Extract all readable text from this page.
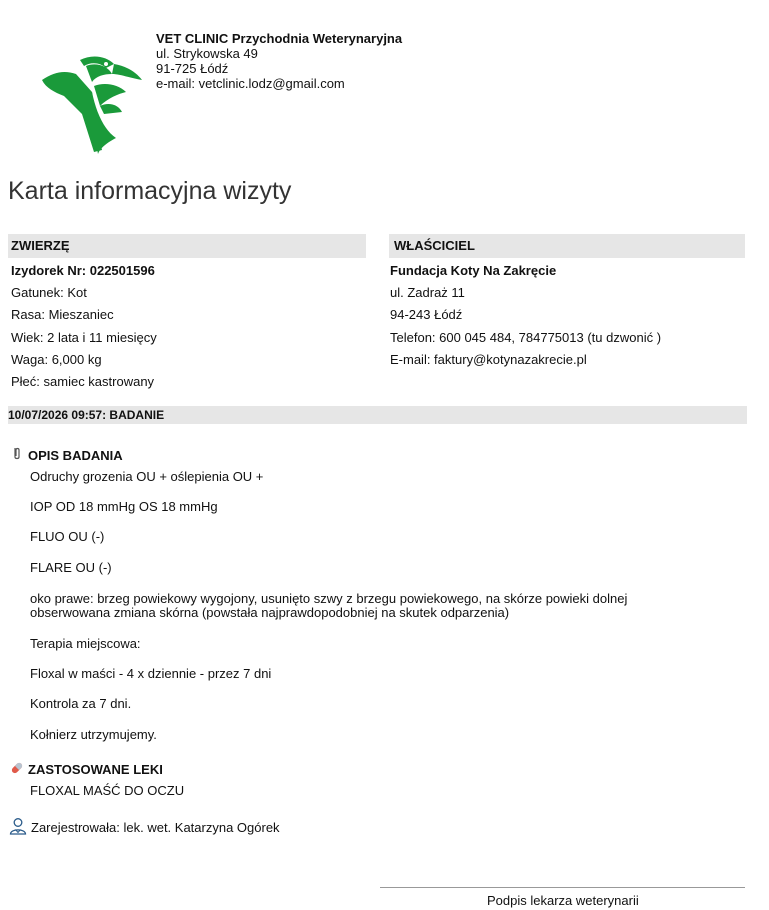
VET CLINIC Przychodnia Weterynaryjna
ul. Strykowska 49
91-725 Łódź
e-mail: vetclinic.lodz@gmail.com
Karta informacyjna wizyty
ZWIERZĘ	WŁAŚCICIEL
Izydorek Nr: 022501596
Gatunek: Kot
Rasa: Mieszaniec
Wiek: 2 lata i 11 miesięcy
Waga: 6,000 kg
Płeć: samiec kastrowany
Fundacja Koty Na Zakręcie
ul. Zadraż 11
94-243 Łódź
Telefon: 600 045 484, 784775013 (tu dzwonić )
E-mail: faktury@kotynazakrecie.pl
10/07/2026 09:57: BADANIE
OPIS BADANIA
Odruchy grozenia OU + oślepienia OU +
IOP OD 18 mmHg OS 18 mmHg
FLUO OU (-)
FLARE OU (-)
oko prawe: brzeg powiekowy wygojony, usunięto szwy z brzegu powiekowego, na skórze powieki dolnej
obserwowana zmiana skórna (powstała najprawdopodobniej na skutek odparzenia)
Terapia miejscowa:
Floxal w maści - 4 x dziennie - przez 7 dni
Kontrola za 7 dni.
Kołnierz utrzymujemy.
ZASTOSOWANE LEKI
FLOXAL MAŚĆ DO OCZU
Zarejestrowała: lek. wet. Katarzyna Ogórek
Podpis lekarza weterynarii
